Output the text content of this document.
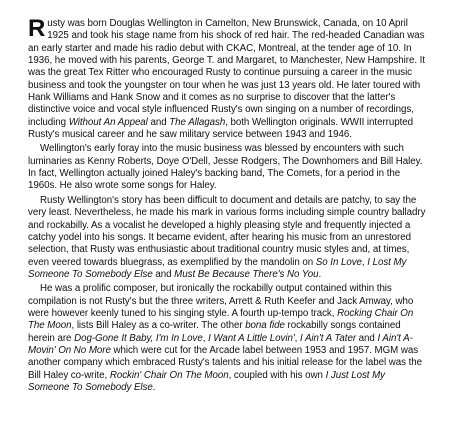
Rusty was born Douglas Wellington in Camelton, New Brunswick, Canada, on 10 April 1925 and took his stage name from his shock of red hair. The red-headed Canadian was an early starter and made his radio debut with CKAC, Montreal, at the tender age of 10. In 1936, he moved with his parents, George T. and Margaret, to Manchester, New Hampshire. It was the great Tex Ritter who encouraged Rusty to continue pursuing a career in the music business and took the youngster on tour when he was just 13 years old. He later toured with Hank Williams and Hank Snow and it comes as no surprise to discover that the latter's distinctive voice and vocal style influenced Rusty's own singing on a number of recordings, including Without An Appeal and The Allagash, both Wellington originals. WWII interrupted Rusty's musical career and he saw military service between 1943 and 1946.

Wellington's early foray into the music business was blessed by encounters with such luminaries as Kenny Roberts, Doye O'Dell, Jesse Rodgers, The Downhomers and Bill Haley. In fact, Wellington actually joined Haley's backing band, The Comets, for a period in the 1960s. He also wrote some songs for Haley.

Rusty Wellington's story has been difficult to document and details are patchy, to say the very least. Nevertheless, he made his mark in various forms including simple country balladry and rockabilly. As a vocalist he developed a highly pleasing style and frequently injected a catchy yodel into his songs. It became evident, after hearing his music from an unrestored selection, that Rusty was enthusiastic about traditional country music styles and, at times, even veered towards bluegrass, as exemplified by the mandolin on So In Love, I Lost My Someone To Somebody Else and Must Be Because There's No You.

He was a prolific composer, but ironically the rockabilly output contained within this compilation is not Rusty's but the three writers, Arrett & Ruth Keefer and Jack Amway, who were however keenly tuned to his singing style. A fourth up-tempo track, Rocking Chair On The Moon, lists Bill Haley as a co-writer. The other bona fide rockabilly songs contained herein are Dog-Gone It Baby, I'm In Love, I Want A Little Lovin', I Ain't A Tater and I Ain't A-Movin' On No More which were cut for the Arcade label between 1953 and 1957. MGM was another company which embraced Rusty's talents and his initial release for the label was the Bill Haley co-write, Rockin' Chair On The Moon, coupled with his own I Just Lost My Someone To Somebody Else.
